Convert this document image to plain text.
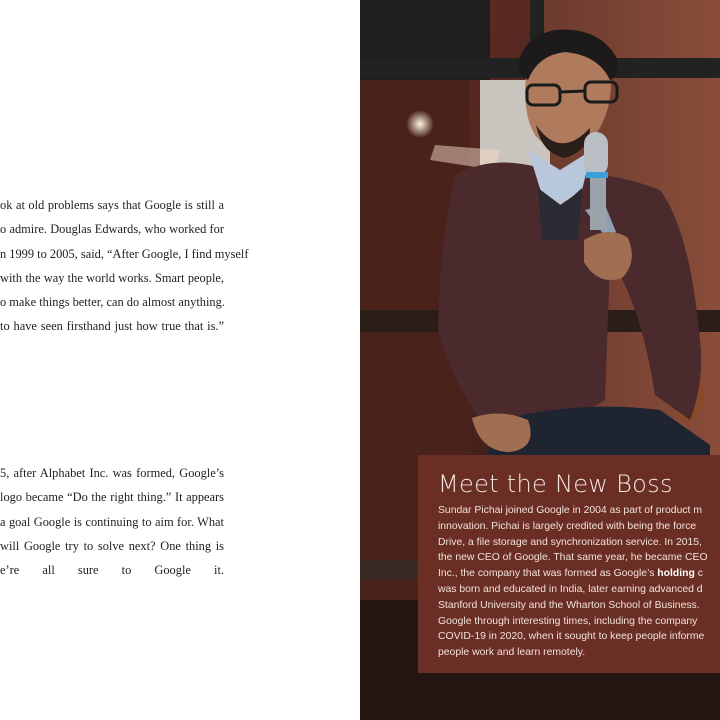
ok at old problems says that Google is still a
o admire. Douglas Edwards, who worked for
n 1999 to 2005, said, “After Google, I find myself
with the way the world works. Smart people,
o make things better, can do almost anything.
to have seen firsthand just how true that is.”
5, after Alphabet Inc. was formed, Google’s
logo became “Do the right thing.” It appears
a goal Google is continuing to aim for. What
will Google try to solve next? One thing is
e’re all sure to Google it.
Meet the New Boss
Sundar Pichai joined Google in 2004 as part of product m
innovation. Pichai is largely credited with being the force
Drive, a file storage and synchronization service. In 2015,
the new CEO of Google. That same year, he became CEO
Inc., the company that was formed as Google’s holding c
was born and educated in India, later earning advanced d
Stanford University and the Wharton School of Business.
Google through interesting times, including the company
COVID-19 in 2020, when it sought to keep people informe
people work and learn remotely.
